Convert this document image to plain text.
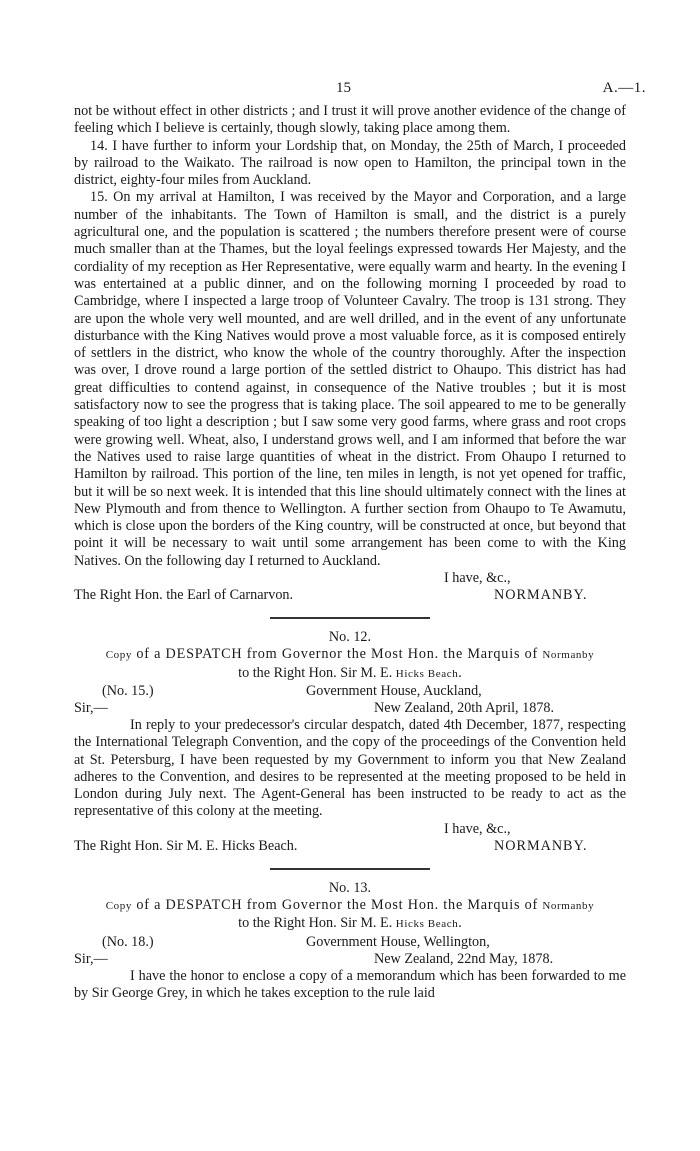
15	A.—1.

not be without effect in other districts ; and I trust it will prove another evidence of the change of feeling which I believe is certainly, though slowly, taking place among them.

14. I have further to inform your Lordship that, on Monday, the 25th of March, I proceeded by railroad to the Waikato. The railroad is now open to Hamilton, the principal town in the district, eighty-four miles from Auckland.

15. On my arrival at Hamilton, I was received by the Mayor and Corporation, and a large number of the inhabitants. The Town of Hamilton is small, and the district is a purely agricultural one, and the population is scattered ; the numbers therefore present were of course much smaller than at the Thames, but the loyal feelings expressed towards Her Majesty, and the cordiality of my reception as Her Representative, were equally warm and hearty. In the evening I was entertained at a public dinner, and on the following morning I proceeded by road to Cambridge, where I inspected a large troop of Volunteer Cavalry. The troop is 131 strong. They are upon the whole very well mounted, and are well drilled, and in the event of any unfortunate disturbance with the King Natives would prove a most valuable force, as it is composed entirely of settlers in the district, who know the whole of the country thoroughly. After the inspection was over, I drove round a large portion of the settled district to Ohaupo. This district has had great difficulties to contend against, in consequence of the Native troubles ; but it is most satisfactory now to see the progress that is taking place. The soil appeared to me to be generally speaking of too light a description ; but I saw some very good farms, where grass and root crops were growing well. Wheat, also, I understand grows well, and I am informed that before the war the Natives used to raise large quantities of wheat in the district. From Ohaupo I returned to Hamilton by railroad. This portion of the line, ten miles in length, is not yet opened for traffic, but it will be so next week. It is intended that this line should ultimately connect with the lines at New Plymouth and from thence to Wellington. A further section from Ohaupo to Te Awamutu, which is close upon the borders of the King country, will be constructed at once, but beyond that point it will be necessary to wait until some arrangement has been come to with the King Natives. On the following day I returned to Auckland.

I have, &c.,
The Right Hon. the Earl of Carnarvon.	NORMANBY.
No. 12.

Copy of a DESPATCH from Governor the Most Hon. the Marquis of Normanby
to the Right Hon. Sir M. E. Hicks Beach.

(No. 15.)	Government House, Auckland,
Sir,—	New Zealand, 20th April, 1878.

In reply to your predecessor's circular despatch, dated 4th December, 1877, respecting the International Telegraph Convention, and the copy of the proceedings of the Convention held at St. Petersburg, I have been requested by my Government to inform you that New Zealand adheres to the Convention, and desires to be represented at the meeting proposed to be held in London during July next. The Agent-General has been instructed to be ready to act as the representative of this colony at the meeting.

I have, &c.,
The Right Hon. Sir M. E. Hicks Beach.	NORMANBY.
No. 13.

Copy of a DESPATCH from Governor the Most Hon. the Marquis of Normanby
to the Right Hon. Sir M. E. Hicks Beach.

(No. 18.)	Government House, Wellington,
Sir,—	New Zealand, 22nd May, 1878.

I have the honor to enclose a copy of a memorandum which has been forwarded to me by Sir George Grey, in which he takes exception to the rule laid
